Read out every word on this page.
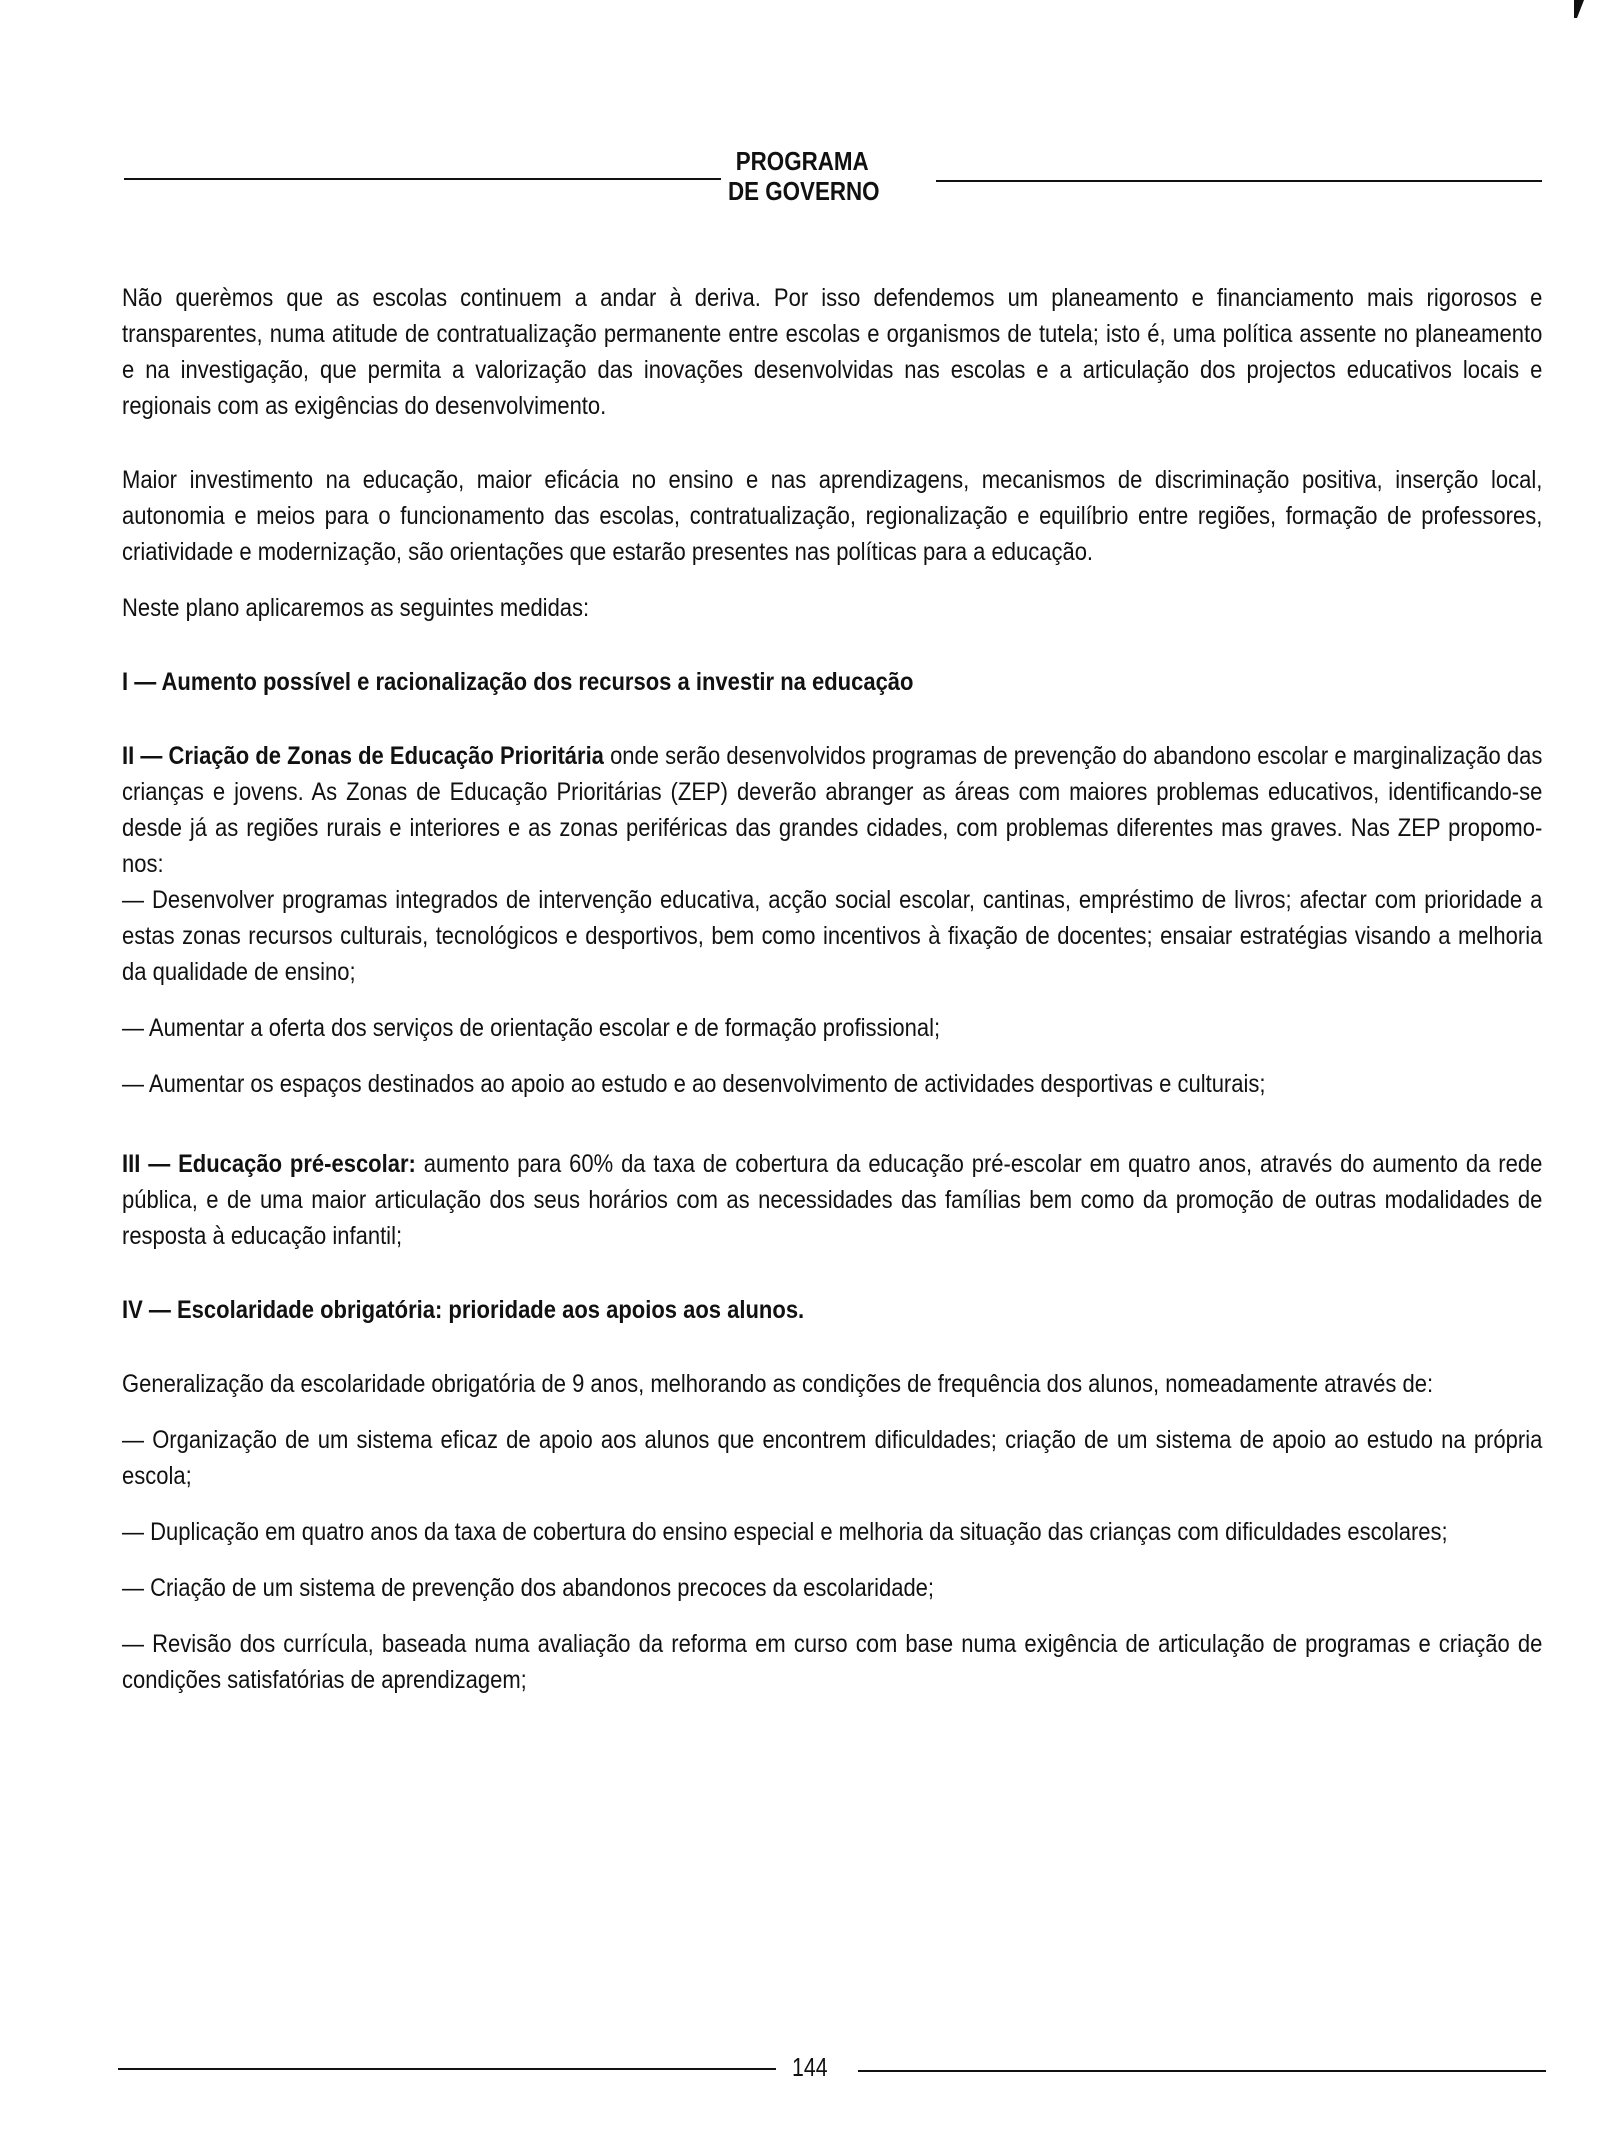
PROGRAMA
DE GOVERNO

Não querèmos que as escolas continuem a andar à deriva. Por isso defendemos um planeamento e financiamento mais rigorosos e transparentes, numa atitude de contratualização permanente entre escolas e organismos de tutela; isto é, uma política assente no planeamento e na investigação, que permita a valorização das inovações desenvolvidas nas escolas e a articulação dos projectos educativos locais e regionais com as exigências do desenvolvimento.

Maior investimento na educação, maior eficácia no ensino e nas aprendizagens, mecanismos de discriminação positiva, inserção local, autonomia e meios para o funcionamento das escolas, contratualização, regionalização e equilíbrio entre regiões, formação de professores, criatividade e modernização, são orientações que estarão presentes nas políticas para a educação.

Neste plano aplicaremos as seguintes medidas:

I — Aumento possível e racionalização dos recursos a investir na educação

II — Criação de Zonas de Educação Prioritária onde serão desenvolvidos programas de prevenção do abandono escolar e marginalização das crianças e jovens. As Zonas de Educação Prioritárias (ZEP) deverão abranger as áreas com maiores problemas educativos, identificando-se desde já as regiões rurais e interiores e as zonas periféricas das grandes cidades, com problemas diferentes mas graves. Nas ZEP propomo-nos:

— Desenvolver programas integrados de intervenção educativa, acção social escolar, cantinas, empréstimo de livros; afectar com prioridade a estas zonas recursos culturais, tecnológicos e desportivos, bem como incentivos à fixação de docentes; ensaiar estratégias visando a melhoria da qualidade de ensino;

— Aumentar a oferta dos serviços de orientação escolar e de formação profissional;

— Aumentar os espaços destinados ao apoio ao estudo e ao desenvolvimento de actividades desportivas e culturais;

III — Educação pré-escolar: aumento para 60% da taxa de cobertura da educação pré-escolar em quatro anos, através do aumento da rede pública, e de uma maior articulação dos seus horários com as necessidades das famílias bem como da promoção de outras modalidades de resposta à educação infantil;

IV — Escolaridade obrigatória: prioridade aos apoios aos alunos.

Generalização da escolaridade obrigatória de 9 anos, melhorando as condições de frequência dos alunos, nomeadamente através de:

— Organização de um sistema eficaz de apoio aos alunos que encontrem dificuldades; criação de um sistema de apoio ao estudo na própria escola;

— Duplicação em quatro anos da taxa de cobertura do ensino especial e melhoria da situação das crianças com dificuldades escolares;

— Criação de um sistema de prevenção dos abandonos precoces da escolaridade;

— Revisão dos currícula, baseada numa avaliação da reforma em curso com base numa exigência de articulação de programas e criação de condições satisfatórias de aprendizagem;

144
